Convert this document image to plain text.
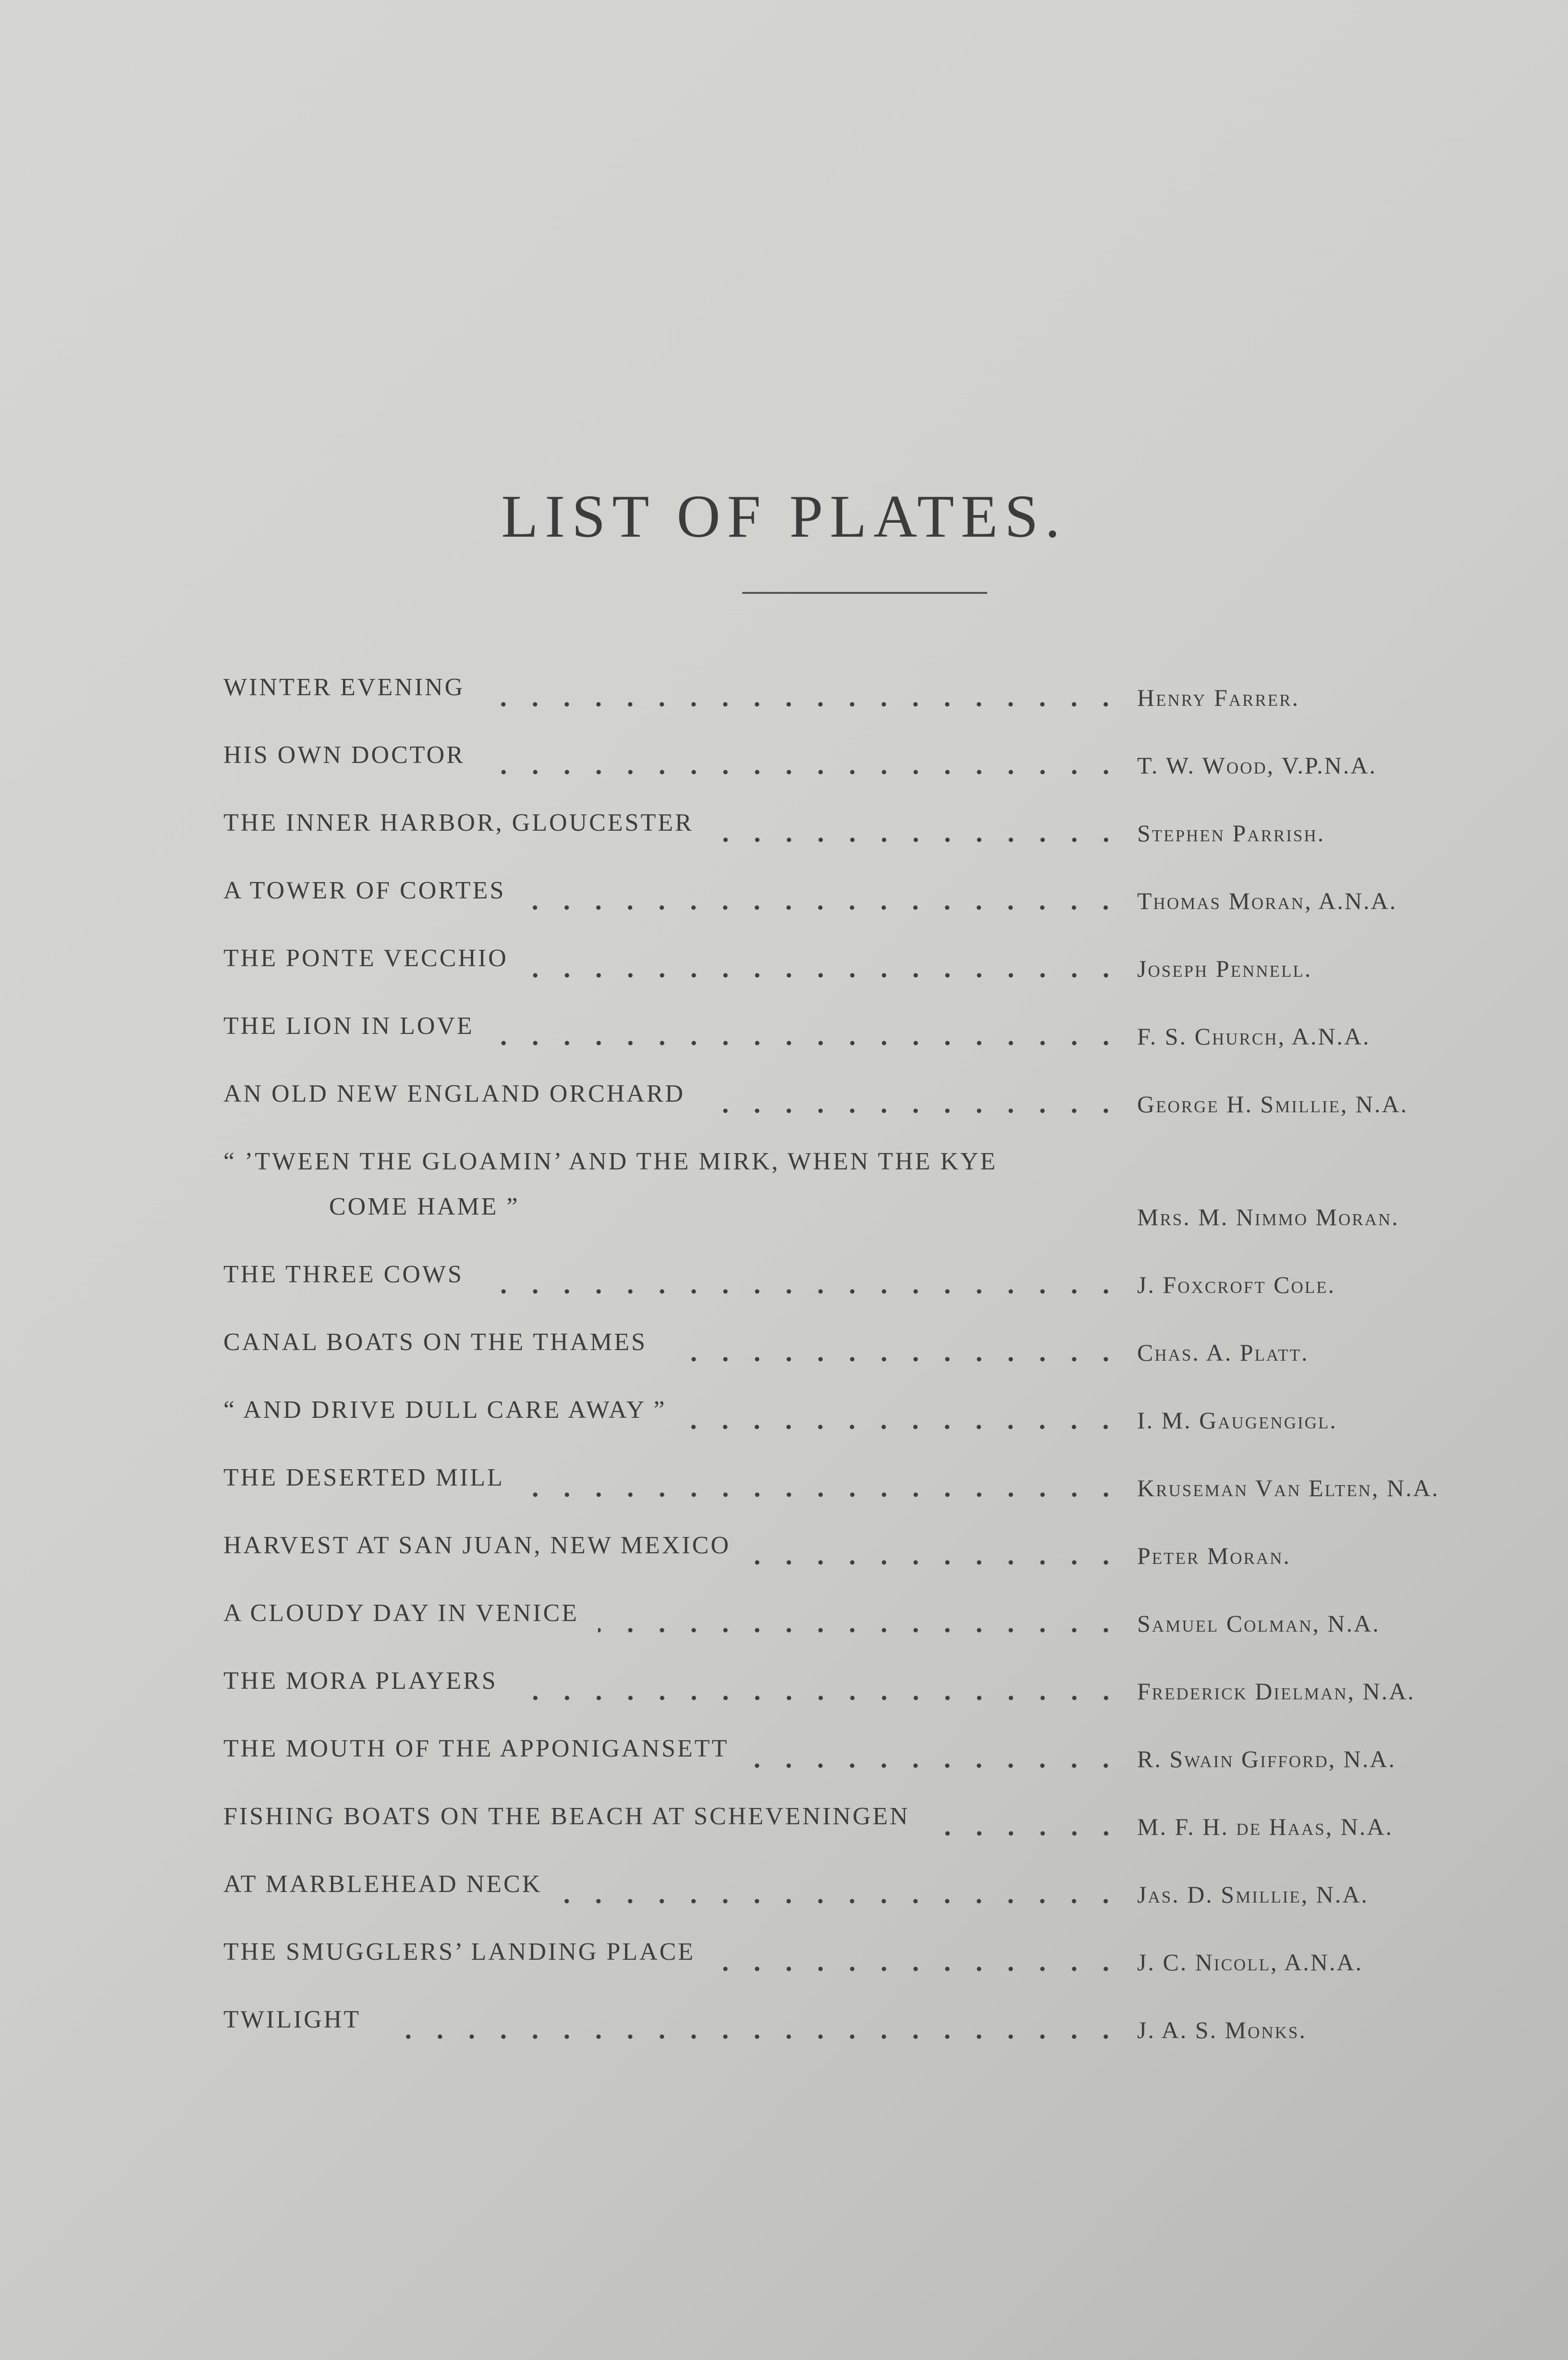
LIST OF PLATES.
WINTER EVENING	Henry Farrer.
HIS OWN DOCTOR	T. W. Wood, V.P.N.A.
THE INNER HARBOR, GLOUCESTER	Stephen Parrish.
A TOWER OF CORTES	Thomas Moran, A.N.A.
THE PONTE VECCHIO	Joseph Pennell.
THE LION IN LOVE	F. S. Church, A.N.A.
AN OLD NEW ENGLAND ORCHARD	George H. Smillie, N.A.
“ ’TWEEN THE GLOAMIN’ AND THE MIRK, WHEN THE KYE
COME HAME ”	Mrs. M. Nimmo Moran.
THE THREE COWS	J. Foxcroft Cole.
CANAL BOATS ON THE THAMES	Chas. A. Platt.
“ AND DRIVE DULL CARE AWAY ”	I. M. Gaugengigl.
THE DESERTED MILL	Kruseman Van Elten, N.A.
HARVEST AT SAN JUAN, NEW MEXICO	Peter Moran.
A CLOUDY DAY IN VENICE	Samuel Colman, N.A.
THE MORA PLAYERS	Frederick Dielman, N.A.
THE MOUTH OF THE APPONIGANSETT	R. Swain Gifford, N.A.
FISHING BOATS ON THE BEACH AT SCHEVENINGEN	M. F. H. de Haas, N.A.
AT MARBLEHEAD NECK	Jas. D. Smillie, N.A.
THE SMUGGLERS’ LANDING PLACE	J. C. Nicoll, A.N.A.
TWILIGHT	J. A. S. Monks.
